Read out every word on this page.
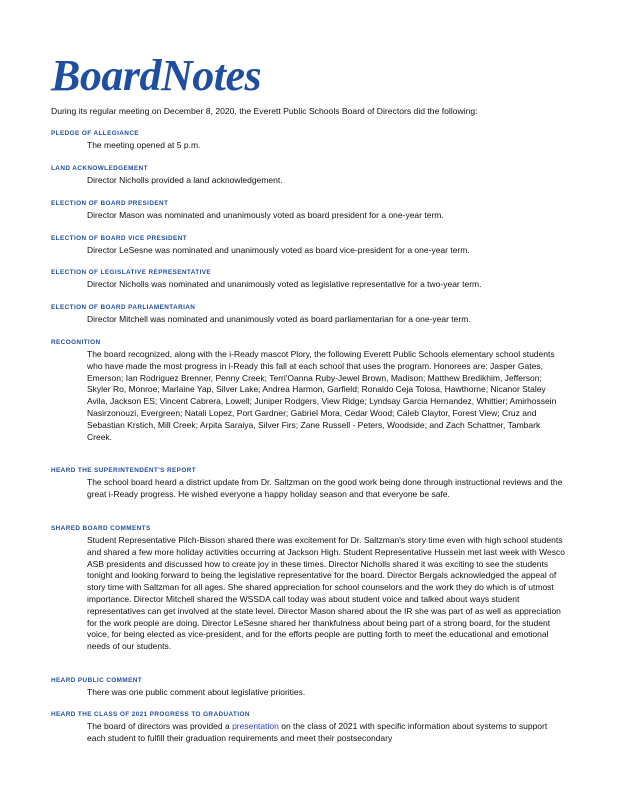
BoardNotes
During its regular meeting on December 8, 2020, the Everett Public Schools Board of Directors did the following:
PLEDGE OF ALLEGIANCE
The meeting opened at 5 p.m.
LAND ACKNOWLEDGEMENT
Director Nicholls provided a land acknowledgement.
ELECTION OF BOARD PRESIDENT
Director Mason was nominated and unanimously voted as board president for a one-year term.
ELECTION OF BOARD VICE PRESIDENT
Director LeSesne was nominated and unanimously voted as board vice-president for a one-year term.
ELECTION OF LEGISLATIVE REPRESENTATIVE
Director Nicholls was nominated and unanimously voted as legislative representative for a two-year term.
ELECTION OF BOARD PARLIAMENTARIAN
Director Mitchell was nominated and unanimously voted as board parliamentarian for a one-year term.
RECOGNITION
The board recognized, along with the i-Ready mascot Plory, the following Everett Public Schools elementary school students who have made the most progress in i-Ready this fall at each school that uses the program. Honorees are: Jasper Gates, Emerson; Ian Rodriguez Brenner, Penny Creek; Terri'Oanna Ruby-Jewel Brown, Madison; Matthew Bredikhim, Jefferson; Skyler Ro, Monroe; Marlaine Yap, Silver Lake; Andrea Harmon, Garfield; Ronaldo Ceja Tolosa, Hawthorne; Nicanor Staley Avila, Jackson ES; Vincent Cabrera, Lowell; Juniper Rodgers, View Ridge; Lyndsay Garcia Hernandez, Whittier; Amirhossein Nasirzonouzi, Evergreen; Natali Lopez, Port Gardner; Gabriel Mora, Cedar Wood; Caleb Claytor, Forest View; Cruz and Sebastian Krstich, Mill Creek; Arpita Saraiya, Silver Firs; Zane Russell - Peters, Woodside; and Zach Schattner, Tambark Creek.
HEARD THE SUPERINTENDENT'S REPORT
The school board heard a district update from Dr. Saltzman on the good work being done through instructional reviews and the great i-Ready progress. He wished everyone a happy holiday season and that everyone be safe.
SHARED BOARD COMMENTS
Student Representative Pilch-Bisson shared there was excitement for Dr. Saltzman's story time even with high school students and shared a few more holiday activities occurring at Jackson High. Student Representative Hussein met last week with Wesco ASB presidents and discussed how to create joy in these times. Director Nicholls shared it was exciting to see the students tonight and looking forward to being the legislative representative for the board. Director Bergals acknowledged the appeal of story time with Saltzman for all ages. She shared appreciation for school counselors and the work they do which is of utmost importance. Director Mitchell shared the WSSDA call today was about student voice and talked about ways student representatives can get involved at the state level. Director Mason shared about the IR she was part of as well as appreciation for the work people are doing. Director LeSesne shared her thankfulness about being part of a strong board, for the student voice, for being elected as vice-president, and for the efforts people are putting forth to meet the educational and emotional needs of our students.
HEARD PUBLIC COMMENT
There was one public comment about legislative priorities.
HEARD THE CLASS OF 2021 PROGRESS TO GRADUATION
The board of directors was provided a presentation on the class of 2021 with specific information about systems to support each student to fulfill their graduation requirements and meet their postsecondary
